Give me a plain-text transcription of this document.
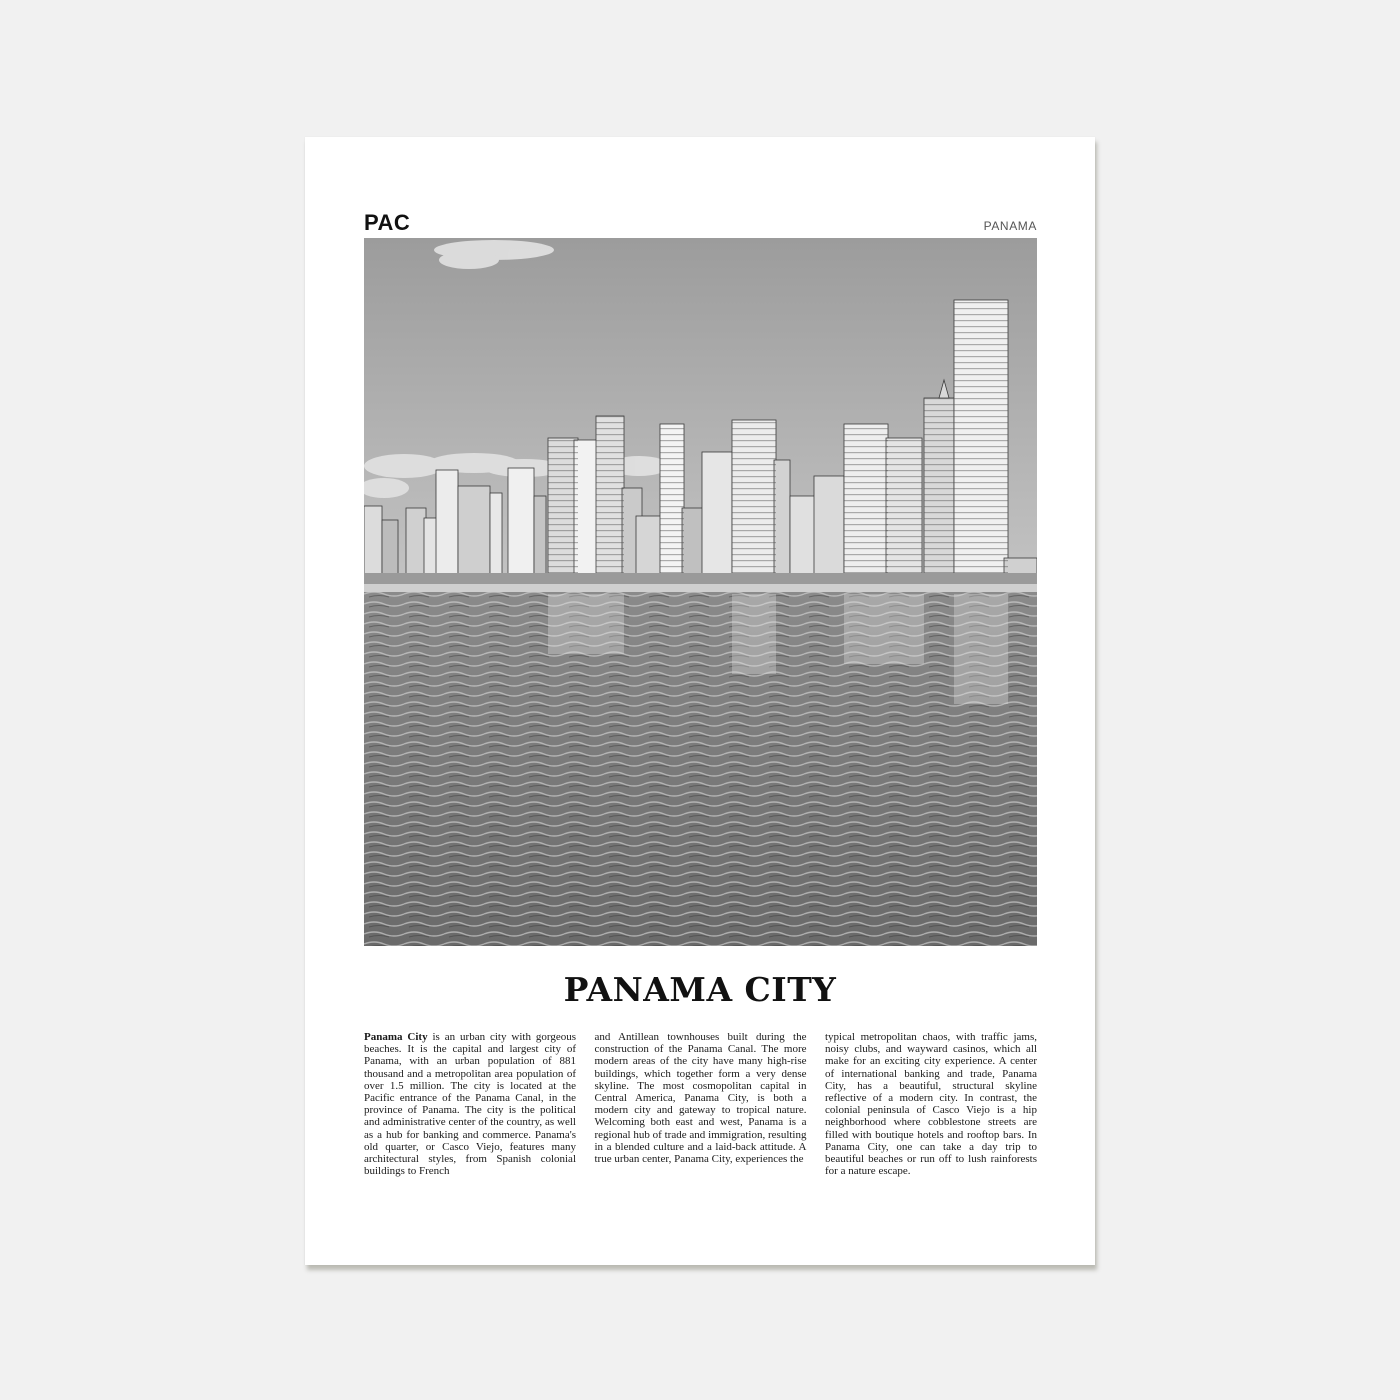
PAC	PANAMA
PANAMA CITY
Panama City is an urban city with gorgeous beaches. It is the capital and largest city of Panama, with an urban population of 881 thousand and a metropolitan area population of over 1.5 million. The city is located at the Pacific entrance of the Panama Canal, in the province of Panama. The city is the political and administrative center of the country, as well as a hub for banking and commerce. Panama's old quarter, or Casco Viejo, features many architectural styles, from Spanish colonial buildings to French
and Antillean townhouses built during the construction of the Panama Canal. The more modern areas of the city have many high-rise buildings, which together form a very dense skyline. The most cosmopolitan capital in Central America, Panama City, is both a modern city and gateway to tropical nature. Welcoming both east and west, Panama is a regional hub of trade and immigration, resulting in a blended culture and a laid-back attitude. A true urban center, Panama City, experiences the
typical metropolitan chaos, with traffic jams, noisy clubs, and wayward casinos, which all make for an exciting city experience. A center of international banking and trade, Panama City, has a beautiful, structural skyline reflective of a modern city. In contrast, the colonial peninsula of Casco Viejo is a hip neighborhood where cobblestone streets are filled with boutique hotels and rooftop bars. In Panama City, one can take a day trip to beautiful beaches or run off to lush rainforests for a nature escape.
